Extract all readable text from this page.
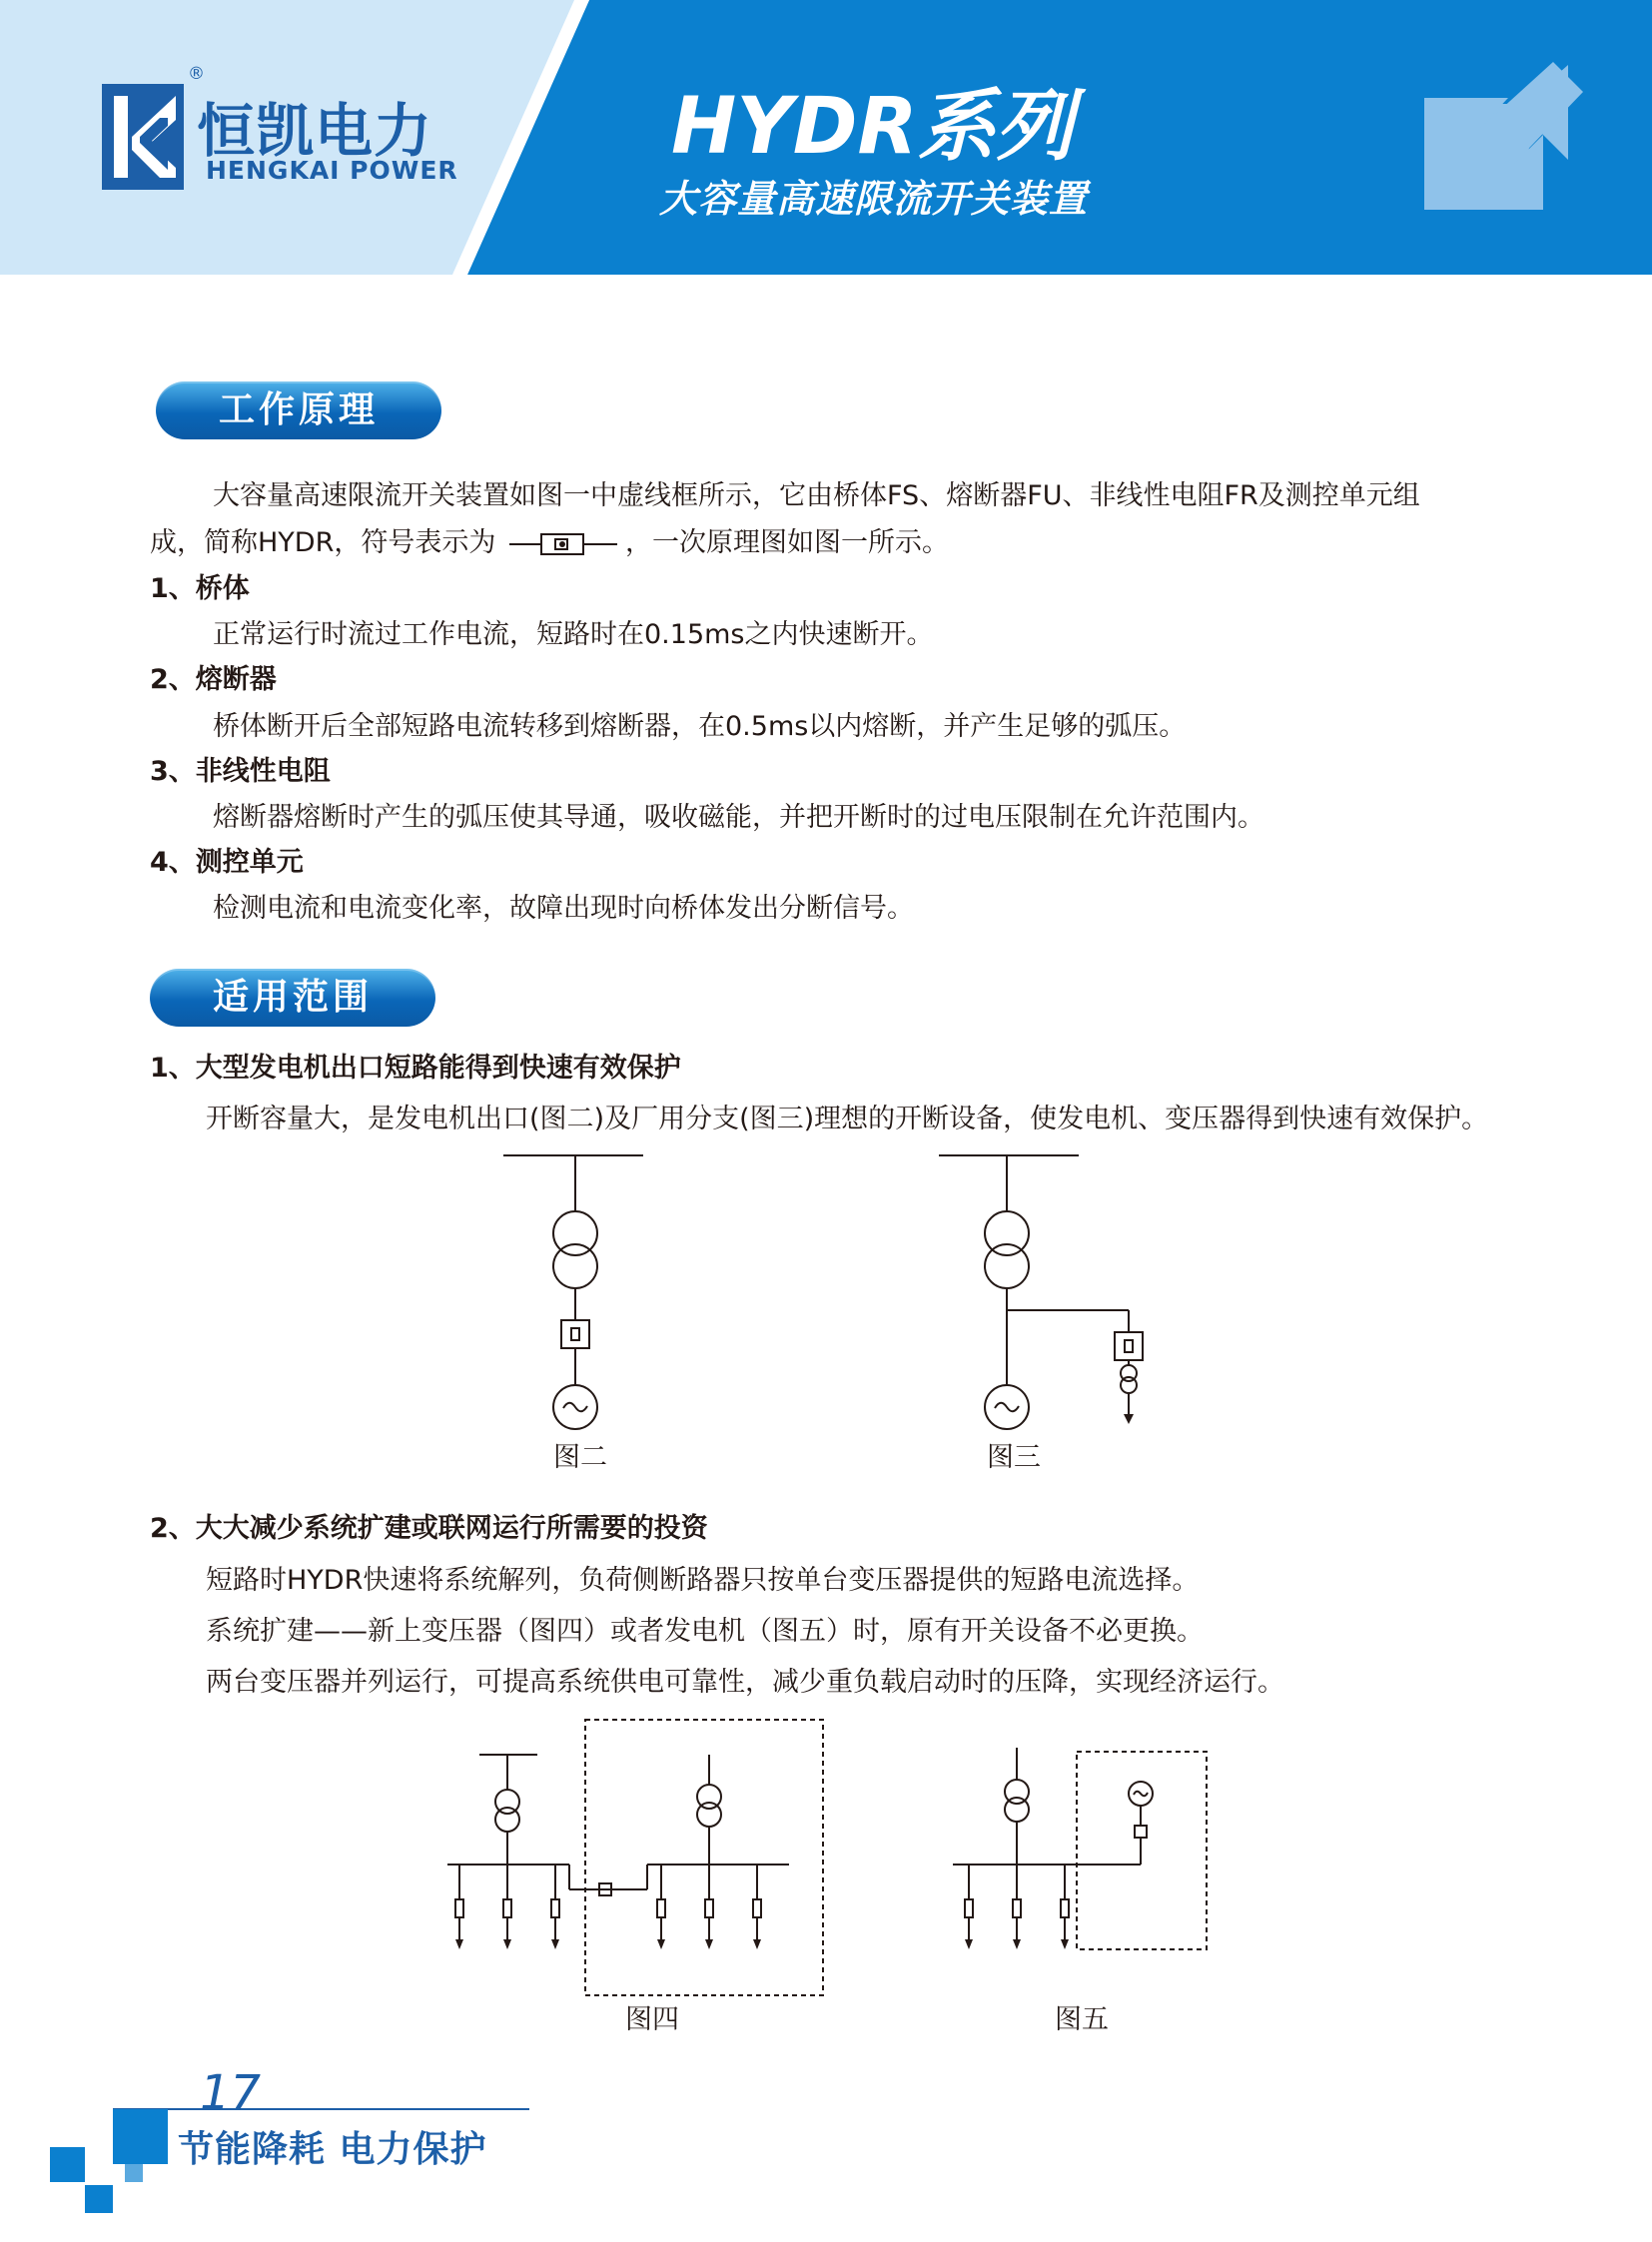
®
恒凯电力
HENGKAI POWER	HYDR系列
大容量高速限流开关装置
工作原理
大容量高速限流开关装置如图一中虚线框所示，它由桥体FS、熔断器FU、非线性电阻FR及测控单元组
成，简称HYDR，符号表示为	，一次原理图如图一所示。
1、桥体
正常运行时流过工作电流，短路时在0.15ms之内快速断开。
2、熔断器
桥体断开后全部短路电流转移到熔断器，在0.5ms以内熔断，并产生足够的弧压。
3、非线性电阻
熔断器熔断时产生的弧压使其导通，吸收磁能，并把开断时的过电压限制在允许范围内。
4、测控单元
检测电流和电流变化率，故障出现时向桥体发出分断信号。
适用范围
1、大型发电机出口短路能得到快速有效保护
开断容量大，是发电机出口(图二)及厂用分支(图三)理想的开断设备，使发电机、变压器得到快速有效保护。
图二	图三
2、大大减少系统扩建或联网运行所需要的投资
短路时HYDR快速将系统解列，负荷侧断路器只按单台变压器提供的短路电流选择。
系统扩建——新上变压器（图四）或者发电机（图五）时，原有开关设备不必更换。
两台变压器并列运行，可提高系统供电可靠性，减少重负载启动时的压降，实现经济运行。
图四	图五
17
节能降耗 电力保护
